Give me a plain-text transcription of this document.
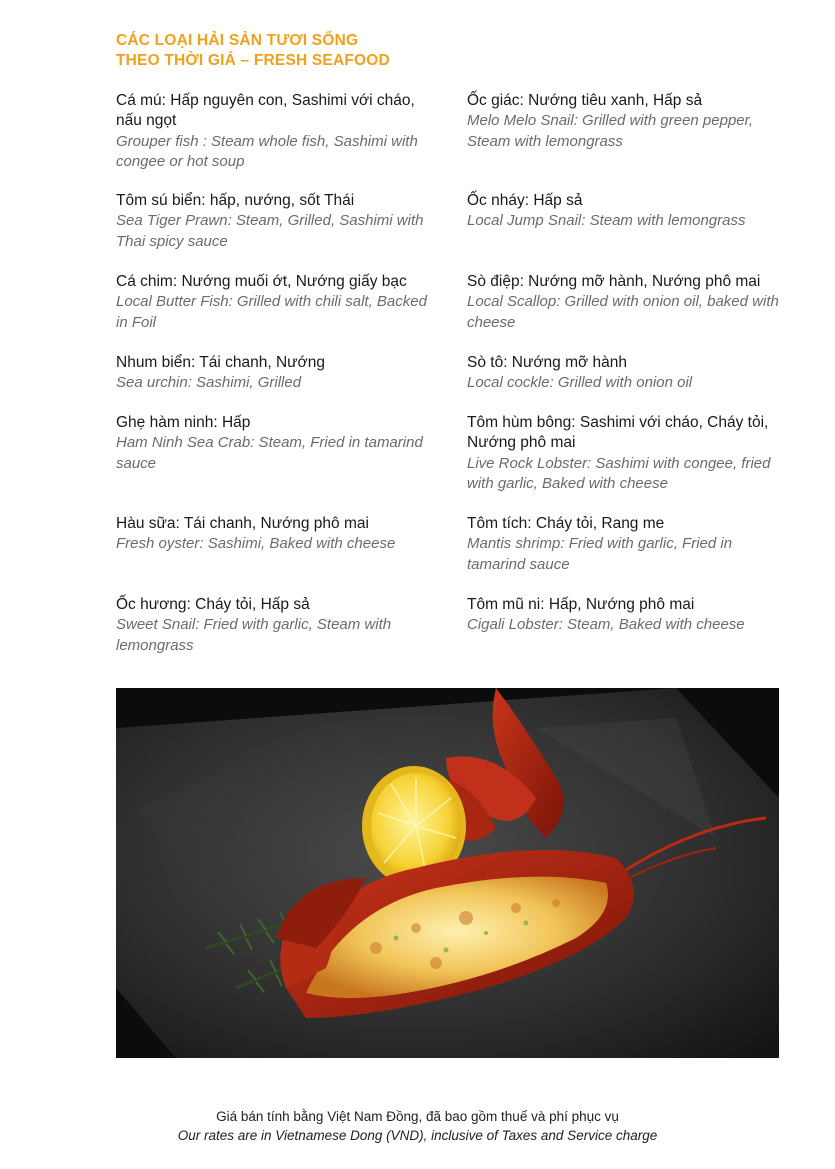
CÁC LOẠI HẢI SẢN TƯƠI SỐNG
THEO THỜI GIÁ – FRESH SEAFOOD
Cá mú: Hấp nguyên con, Sashimi với cháo, nấu ngọt
Grouper fish : Steam whole fish, Sashimi with congee or hot soup
Tôm sú biển: hấp, nướng, sốt Thái
Sea Tiger Prawn: Steam, Grilled, Sashimi with Thai spicy sauce
Cá chim: Nướng muối ớt, Nướng giấy bạc
Local Butter Fish: Grilled with chili salt, Backed in Foil
Nhum biển: Tái chanh, Nướng
Sea urchin: Sashimi, Grilled
Ghẹ hàm ninh: Hấp
Ham Ninh Sea Crab: Steam, Fried in tamarind sauce
Hàu sữa: Tái chanh, Nướng phô mai
Fresh oyster: Sashimi, Baked with cheese
Ốc hương: Cháy tỏi, Hấp sả
Sweet Snail: Fried with garlic, Steam with lemongrass
Ốc giác: Nướng tiêu xanh, Hấp sả
Melo Melo Snail: Grilled with green pepper, Steam with lemongrass
Ốc nháy: Hấp sả
Local Jump Snail: Steam with lemongrass
Sò điệp: Nướng mỡ hành, Nướng phô mai
Local Scallop: Grilled with onion oil, baked with cheese
Sò tô: Nướng mỡ hành
Local cockle: Grilled with onion oil
Tôm hùm bông: Sashimi với cháo, Cháy tỏi, Nướng phô mai
Live Rock Lobster: Sashimi with congee, fried with garlic, Baked with cheese
Tôm tích: Cháy tỏi, Rang me
Mantis shrimp: Fried with garlic, Fried in tamarind sauce
Tôm mũ ni: Hấp, Nướng phô mai
Cigali Lobster: Steam, Baked with cheese
Giá bán tính bằng Việt Nam Đồng, đã bao gồm thuế và phí phục vụ
Our rates are in Vietnamese Dong (VND), inclusive of Taxes and Service charge
